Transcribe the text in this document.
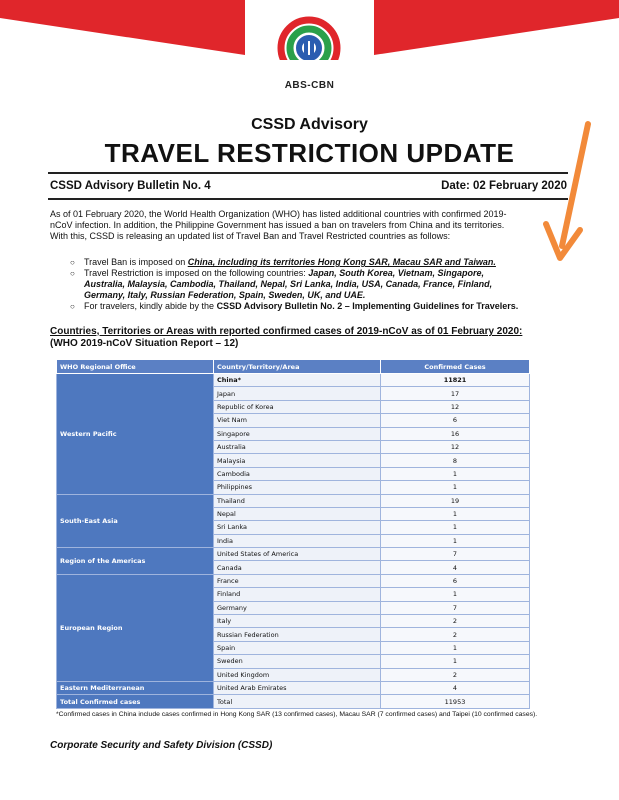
ABS-CBN
CSSD Advisory
TRAVEL RESTRICTION UPDATE
CSSD Advisory Bulletin No. 4	Date: 02 February 2020
As of 01 February 2020, the World Health Organization (WHO) has listed additional countries with confirmed 2019-
nCoV infection. In addition, the Philippine Government has issued a ban on travelers from China and its territories.
With this, CSSD is releasing an updated list of Travel Ban and Travel Restricted countries as follows:
○	Travel Ban is imposed on China, including its territories Hong Kong SAR, Macau SAR and Taiwan.
○	Travel Restriction is imposed on the following countries: Japan, South Korea, Vietnam, Singapore,
Australia, Malaysia, Cambodia, Thailand, Nepal, Sri Lanka, India, USA, Canada, France, Finland,
Germany, Italy, Russian Federation, Spain, Sweden, UK, and UAE.
○	For travelers, kindly abide by the CSSD Advisory Bulletin No. 2 – Implementing Guidelines for Travelers.
Countries, Territories or Areas with reported confirmed cases of 2019-nCoV as of 01 February 2020:
(WHO 2019-nCoV Situation Report – 12)
WHO Regional Office	Country/Territory/Area	Confirmed Cases
Western Pacific	China*	11821
	Japan	17
	Republic of Korea	12
	Viet Nam	6
	Singapore	16
	Australia	12
	Malaysia	8
	Cambodia	1
	Philippines	1
South-East Asia	Thailand	19
	Nepal	1
	Sri Lanka	1
	India	1
Region of the Americas	United States of America	7
	Canada	4
European Region	France	6
	Finland	1
	Germany	7
	Italy	2
	Russian Federation	2
	Spain	1
	Sweden	1
	United Kingdom	2
Eastern Mediterranean	United Arab Emirates	4
Total Confirmed cases	Total	11953
*Confirmed cases in China include cases confirmed in Hong Kong SAR (13 confirmed cases), Macau SAR (7 confirmed cases) and Taipei (10 confirmed cases).
Corporate Security and Safety Division (CSSD)
